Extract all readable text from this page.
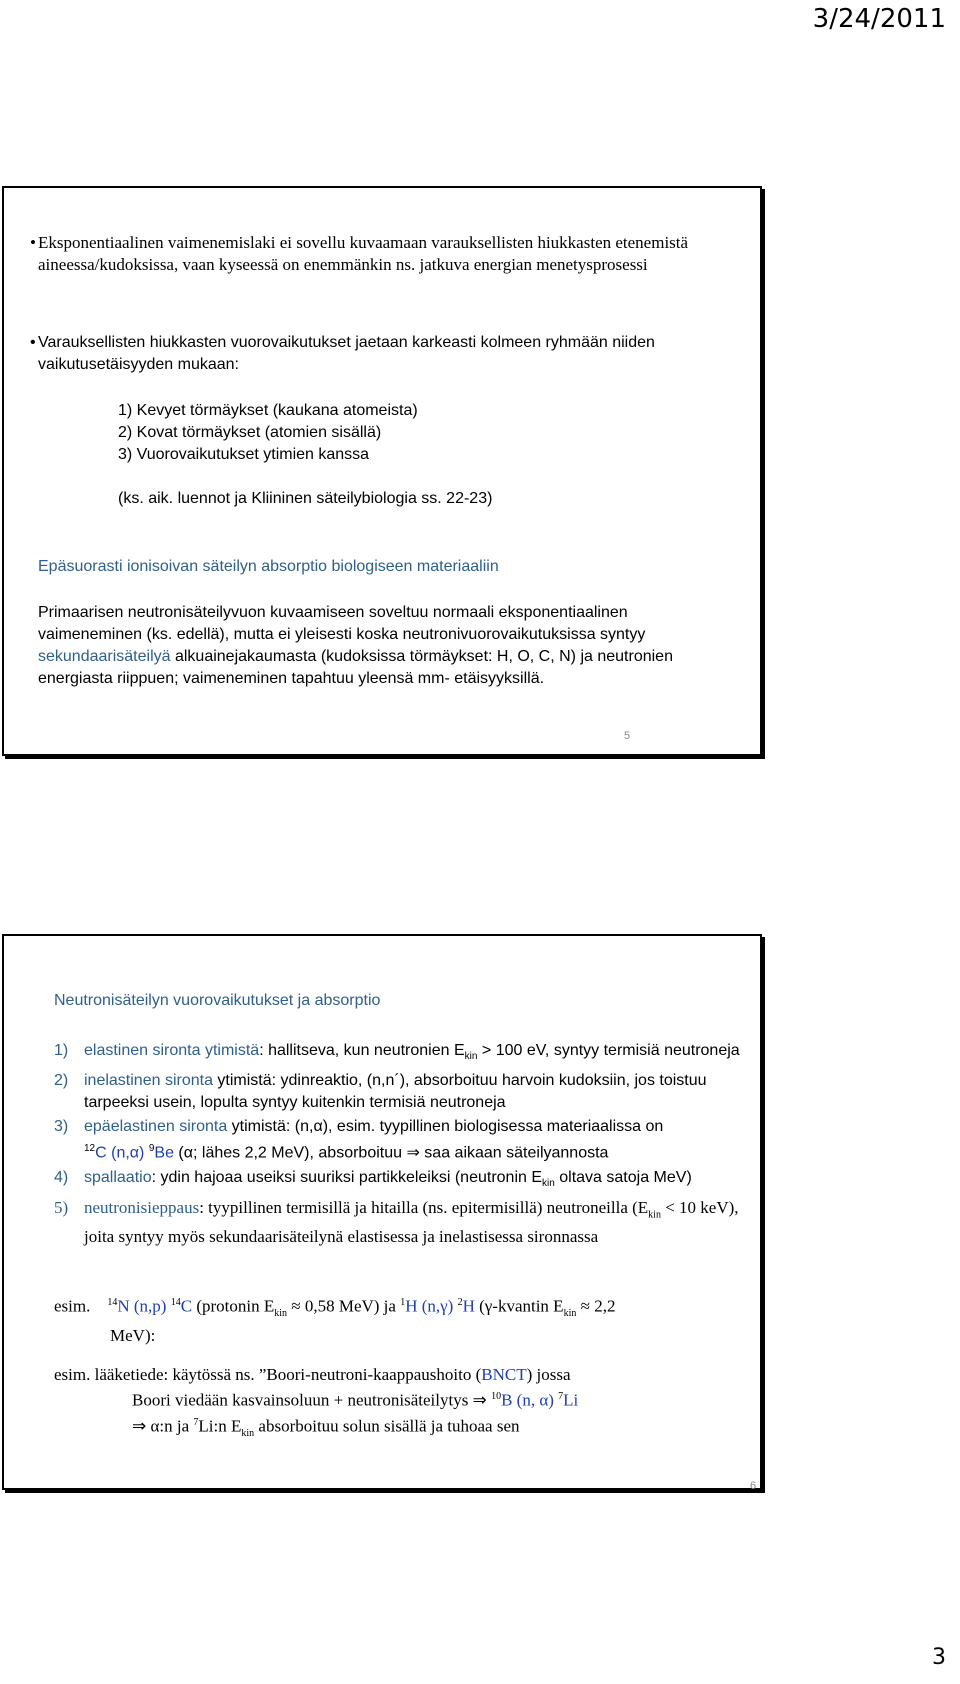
3/24/2011

• Eksponentiaalinen vaimenemislaki ei sovellu kuvaamaan varauksellisten hiukkasten etenemistä aineessa/kudoksissa, vaan kyseessä on enemmänkin ns. jatkuva energian menetysprosessi

• Varauksellisten hiukkasten vuorovaikutukset jaetaan karkeasti kolmeen ryhmään niiden vaikutusetäisyyden mukaan:

1) Kevyet törmäykset (kaukana atomeista)
2) Kovat törmäykset (atomien sisällä)
3) Vuorovaikutukset ytimien kanssa
(ks. aik. luennot ja Kliininen säteilybiologia ss. 22-23)

Epäsuorasti ionisoivan säteilyn absorptio biologiseen materiaaliin

Primaarisen neutronisäteilyvuon kuvaamiseen soveltuu normaali eksponentiaalinen vaimeneminen (ks. edellä), mutta ei yleisesti koska neutronivuorovaikutuksissa syntyy sekundaarisäteilyä alkuainejakaumasta (kudoksissa törmäykset: H, O, C, N) ja neutronien energiasta riippuen; vaimeneminen tapahtuu yleensä mm- etäisyyksillä.

5
Neutronisäteilyn vuorovaikutukset ja absorptio
1) elastinen sironta ytimistä: hallitseva, kun neutronien $E_{kin} > 100$ eV, syntyy termisiä neutroneja
2) inelastinen sironta ytimistä: ydinreaktio, (n,n´), absorboituu harvoin kudoksiin, jos toistuu tarpeeksi usein, lopulta syntyy kuitenkin termisiä neutroneja
3) epäelastinen sironta ytimistä: (n,α), esim. tyypillinen biologisessa materiaalissa on
$^{12}$C (n,α) $^9$Be (α; lähes 2,2 MeV), absorboituu ⇒ saa aikaan säteilyannosta
4) spallaatio: ydin hajoaa useiksi suuriksi partikkeleiksi (neutronin $E_{kin}$ oltava satoja MeV)
5) neutronisieppaus: tyypillinen termisillä ja hitailla (ns. epitermisillä) neutroneilla ($E_{kin} < 10$ keV), joita syntyy myös sekundaarisäteilynä elastisessa ja inelastisessa sironnassa
esim. $^{14}$N (n,p) $^{14}$C (protonin $E_{kin} \approx 0,58$ MeV) ja $^1$H (n,γ) $^2$H (γ-kvantin $E_{kin} \approx 2,2$
MeV):
esim. lääketiede: käytössä ns. ”Boori-neutroni-kaappaushoito (BNCT) jossa
Boori viedään kasvainsoluun + neutronisäteilytys ⇒ $^{10}$B (n, α) $^7$Li
⇒ α:n ja $^7$Li:n $E_{kin}$ absorboituu solun sisällä ja tuhoaa sen
6
3
